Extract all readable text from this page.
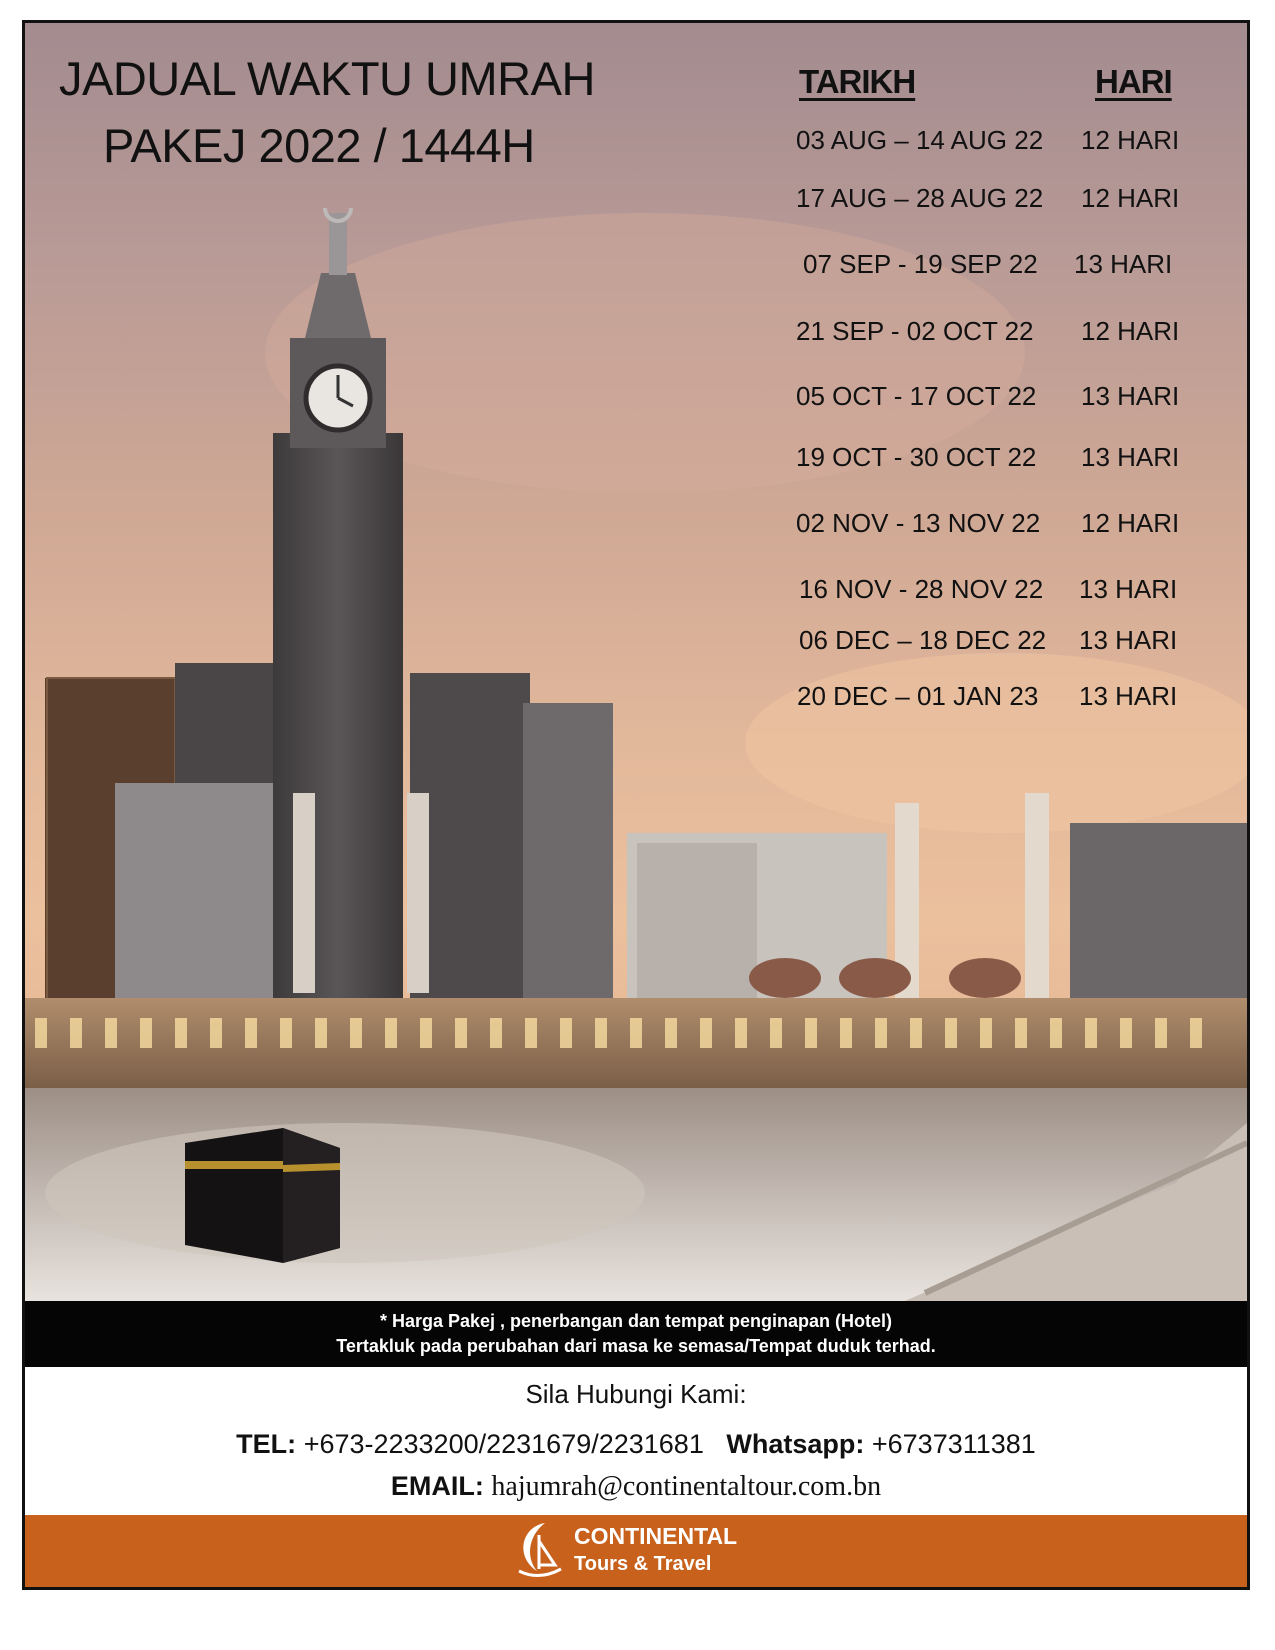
JADUAL WAKTU UMRAH
PAKEJ 2022 / 1444H
TARIKH	HARI
03 AUG – 14 AUG 22 12 HARI
17 AUG – 28 AUG 22 12 HARI
07 SEP - 19 SEP 22 13 HARI
21 SEP - 02 OCT 22 12 HARI
05 OCT - 17 OCT 22 13 HARI
19 OCT - 30 OCT 22 13 HARI
02 NOV - 13 NOV 22 12 HARI
16 NOV - 28 NOV 22 13 HARI
06 DEC – 18 DEC 22 13 HARI
20 DEC – 01 JAN 23 13 HARI
* Harga Pakej , penerbangan dan tempat penginapan (Hotel)
Tertakluk pada perubahan dari masa ke semasa/Tempat duduk terhad.
Sila Hubungi Kami:
TEL: +673-2233200/2231679/2231681 Whatsapp: +6737311381
EMAIL: hajumrah@continentaltour.com.bn
CONTINENTAL
Tours & Travel
